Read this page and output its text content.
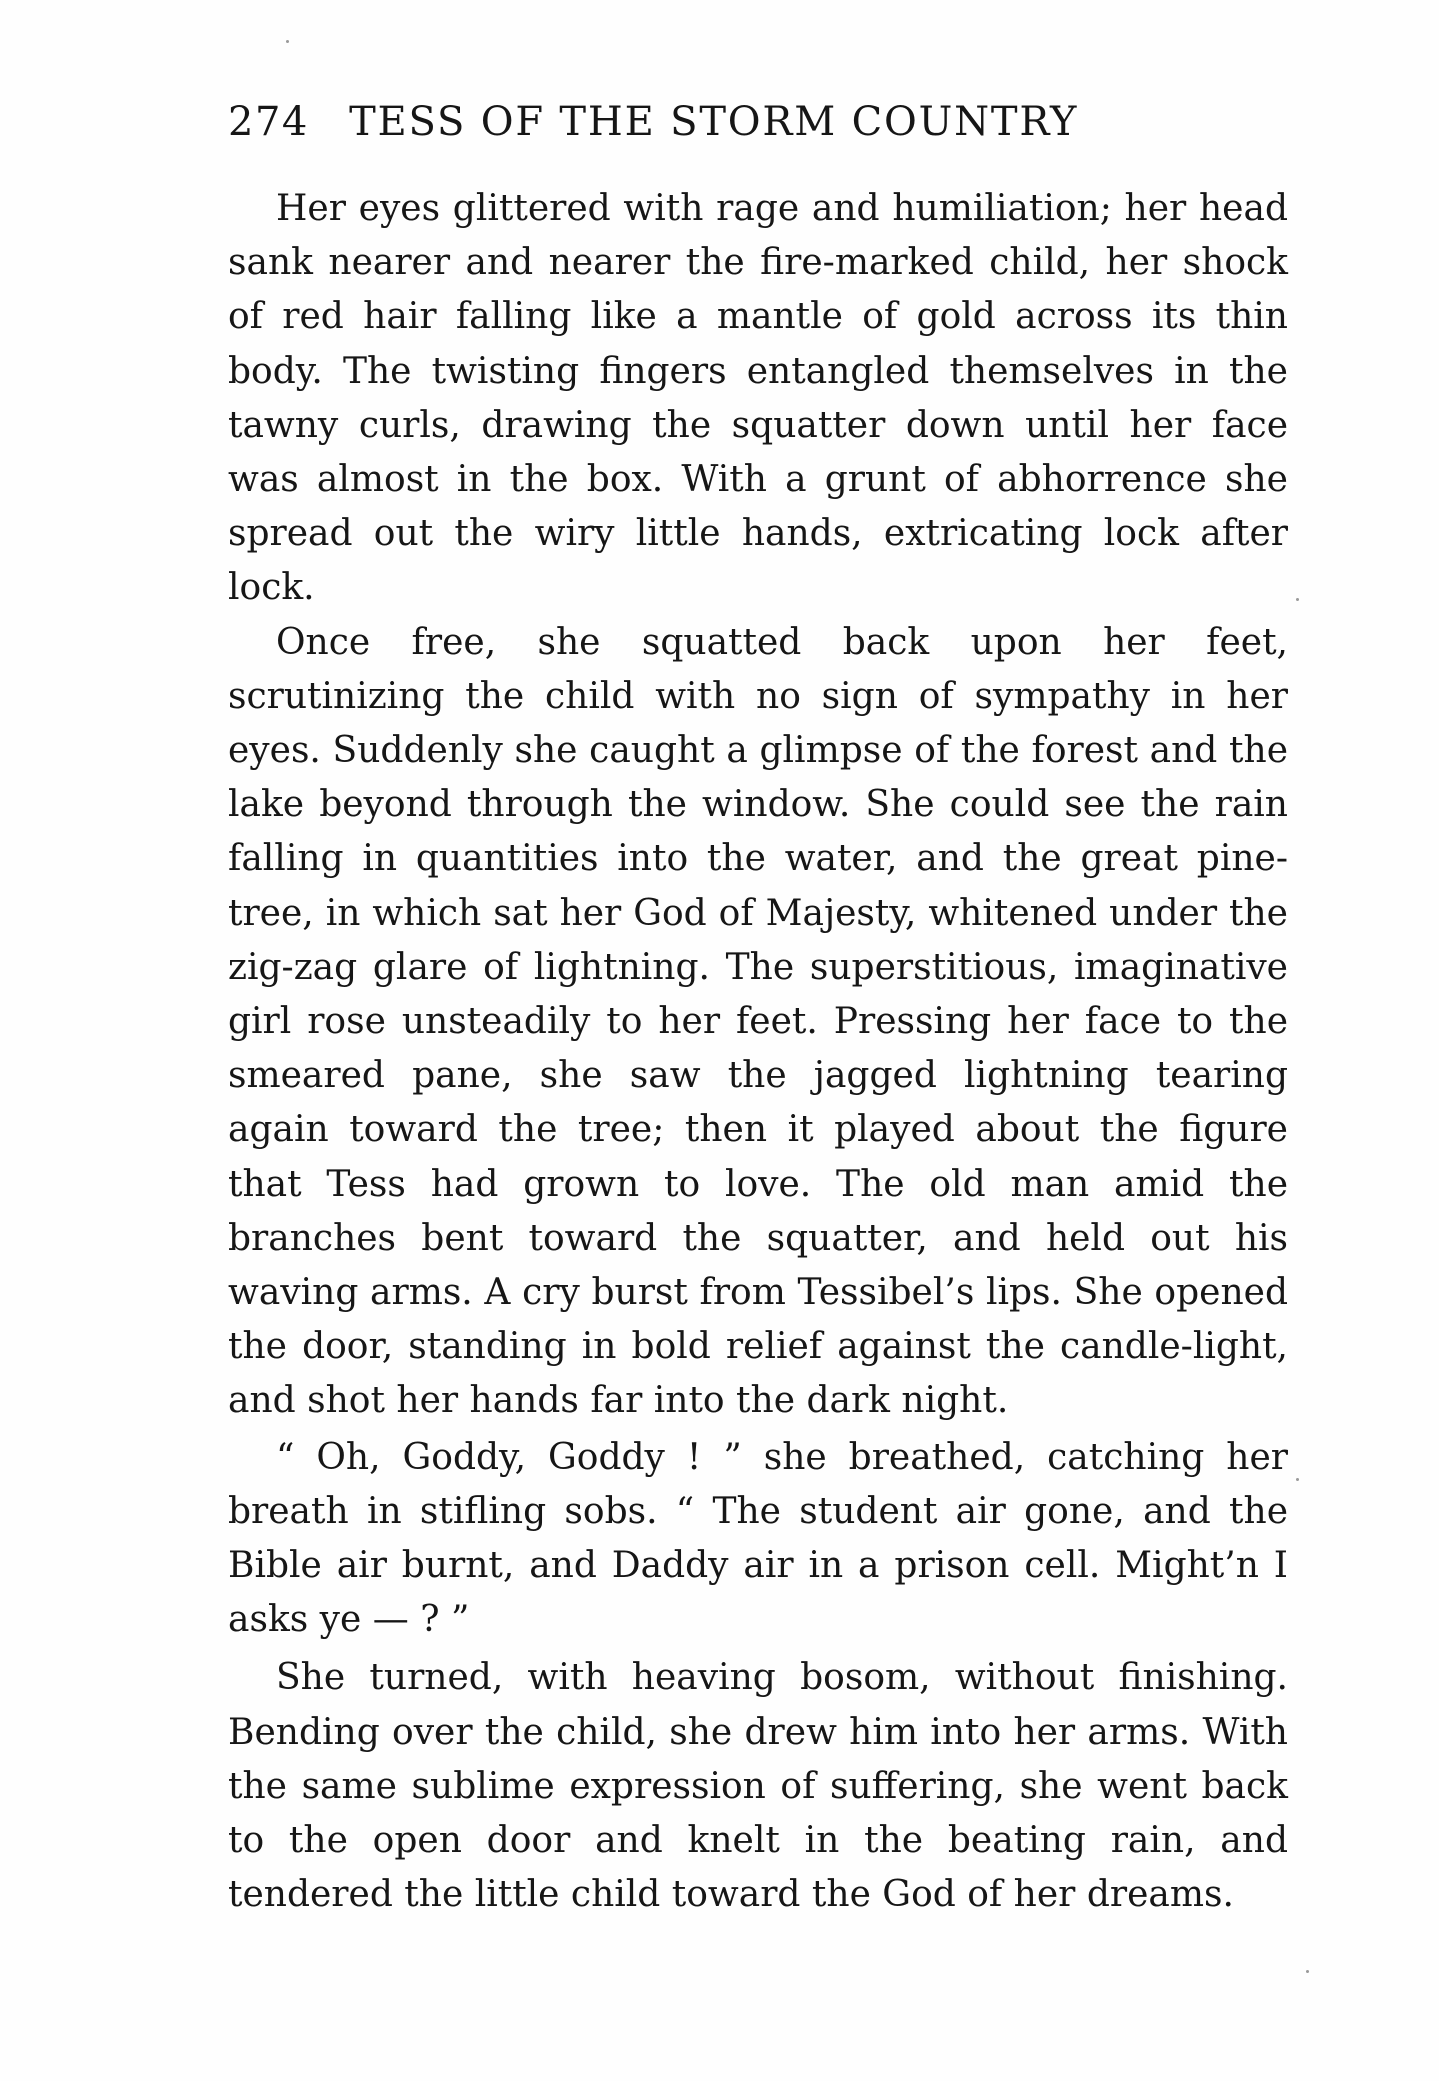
274 TESS OF THE STORM COUNTRY

Her eyes glittered with rage and humiliation; her head sank nearer and nearer the fire-marked child, her shock of red hair falling like a mantle of gold across its thin body. The twisting fingers entangled themselves in the tawny curls, drawing the squatter down until her face was almost in the box. With a grunt of abhorrence she spread out the wiry little hands, extricating lock after lock.

Once free, she squatted back upon her feet, scrutinizing the child with no sign of sympathy in her eyes. Suddenly she caught a glimpse of the forest and the lake beyond through the window. She could see the rain falling in quantities into the water, and the great pine-tree, in which sat her God of Majesty, whitened under the zig-zag glare of lightning. The superstitious, imaginative girl rose unsteadily to her feet. Pressing her face to the smeared pane, she saw the jagged lightning tearing again toward the tree; then it played about the figure that Tess had grown to love. The old man amid the branches bent toward the squatter, and held out his waving arms. A cry burst from Tessibel’s lips. She opened the door, standing in bold relief against the candle-light, and shot her hands far into the dark night.

“ Oh, Goddy, Goddy ! ” she breathed, catching her breath in stifling sobs. “ The student air gone, and the Bible air burnt, and Daddy air in a prison cell. Might’n I asks ye — ? ”

She turned, with heaving bosom, without finishing. Bending over the child, she drew him into her arms. With the same sublime expression of suffering, she went back to the open door and knelt in the beating rain, and tendered the little child toward the God of her dreams.
